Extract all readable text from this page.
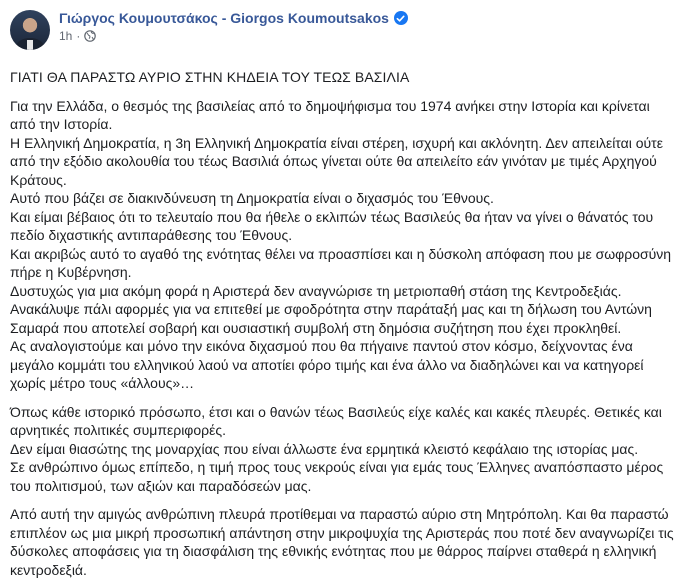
Γιώργος Κουμουτσάκος - Giorgos Koumoutsakos
1h ·
ΓΙΑΤΙ ΘΑ ΠΑΡΑΣΤΩ ΑΥΡΙΟ ΣΤΗΝ ΚΗΔΕΙΑ ΤΟΥ ΤΕΩΣ ΒΑΣΙΛΙΑ

Για την Ελλάδα, ο θεσμός της βασιλείας από το δημοψήφισμα του 1974 ανήκει στην Ιστορία και κρίνεται από την Ιστορία.

Η Ελληνική Δημοκρατία, η 3η Ελληνική Δημοκρατία είναι στέρεη, ισχυρή και ακλόνητη. Δεν απειλείται ούτε από την εξόδιο ακολουθία του τέως Βασιλιά όπως γίνεται ούτε θα απειλείτο εάν γινόταν με τιμές Αρχηγού Κράτους.

Αυτό που βάζει σε διακινδύνευση τη Δημοκρατία είναι ο διχασμός του Έθνους.

Και είμαι βέβαιος ότι το τελευταίο που θα ήθελε ο εκλιπών τέως Βασιλεύς θα ήταν να γίνει ο θάνατός του πεδίο διχαστικής αντιπαράθεσης του Έθνους.

Και ακριβώς αυτό το αγαθό της ενότητας θέλει να προασπίσει και η δύσκολη απόφαση που με σωφροσύνη πήρε η Κυβέρνηση.

Δυστυχώς για μια ακόμη φορά η Αριστερά δεν αναγνώρισε τη μετριοπαθή στάση της Κεντροδεξιάς.

Ανακάλυψε πάλι αφορμές για να επιτεθεί με σφοδρότητα στην παράταξή μας και τη δήλωση του Αντώνη Σαμαρά που αποτελεί σοβαρή και ουσιαστική συμβολή στη δημόσια συζήτηση που έχει προκληθεί.

Ας αναλογιστούμε και μόνο την εικόνα διχασμού που θα πήγαινε παντού στον κόσμο, δείχνοντας ένα μεγάλο κομμάτι του ελληνικού λαού να αποτίει φόρο τιμής και ένα άλλο να διαδηλώνει και να κατηγορεί χωρίς μέτρο τους «άλλους»…

Όπως κάθε ιστορικό πρόσωπο, έτσι και ο θανών τέως Βασιλεύς είχε καλές και κακές πλευρές. Θετικές και αρνητικές πολιτικές συμπεριφορές.

Δεν είμαι θιασώτης της μοναρχίας που είναι άλλωστε ένα ερμητικά κλειστό κεφάλαιο της ιστορίας μας.

Σε ανθρώπινο όμως επίπεδο, η τιμή προς τους νεκρούς είναι για εμάς τους Έλληνες αναπόσπαστο μέρος του πολιτισμού, των αξιών και παραδόσεών μας.

Από αυτή την αμιγώς ανθρώπινη πλευρά προτίθεμαι να παραστώ αύριο στη Μητρόπολη. Και θα παραστώ επιπλέον ως μια μικρή προσωπική απάντηση στην μικροψυχία της Αριστεράς που ποτέ δεν αναγνωρίζει τις δύσκολες αποφάσεις για τη διασφάλιση της εθνικής ενότητας που με θάρρος παίρνει σταθερά η ελληνική κεντροδεξιά.
